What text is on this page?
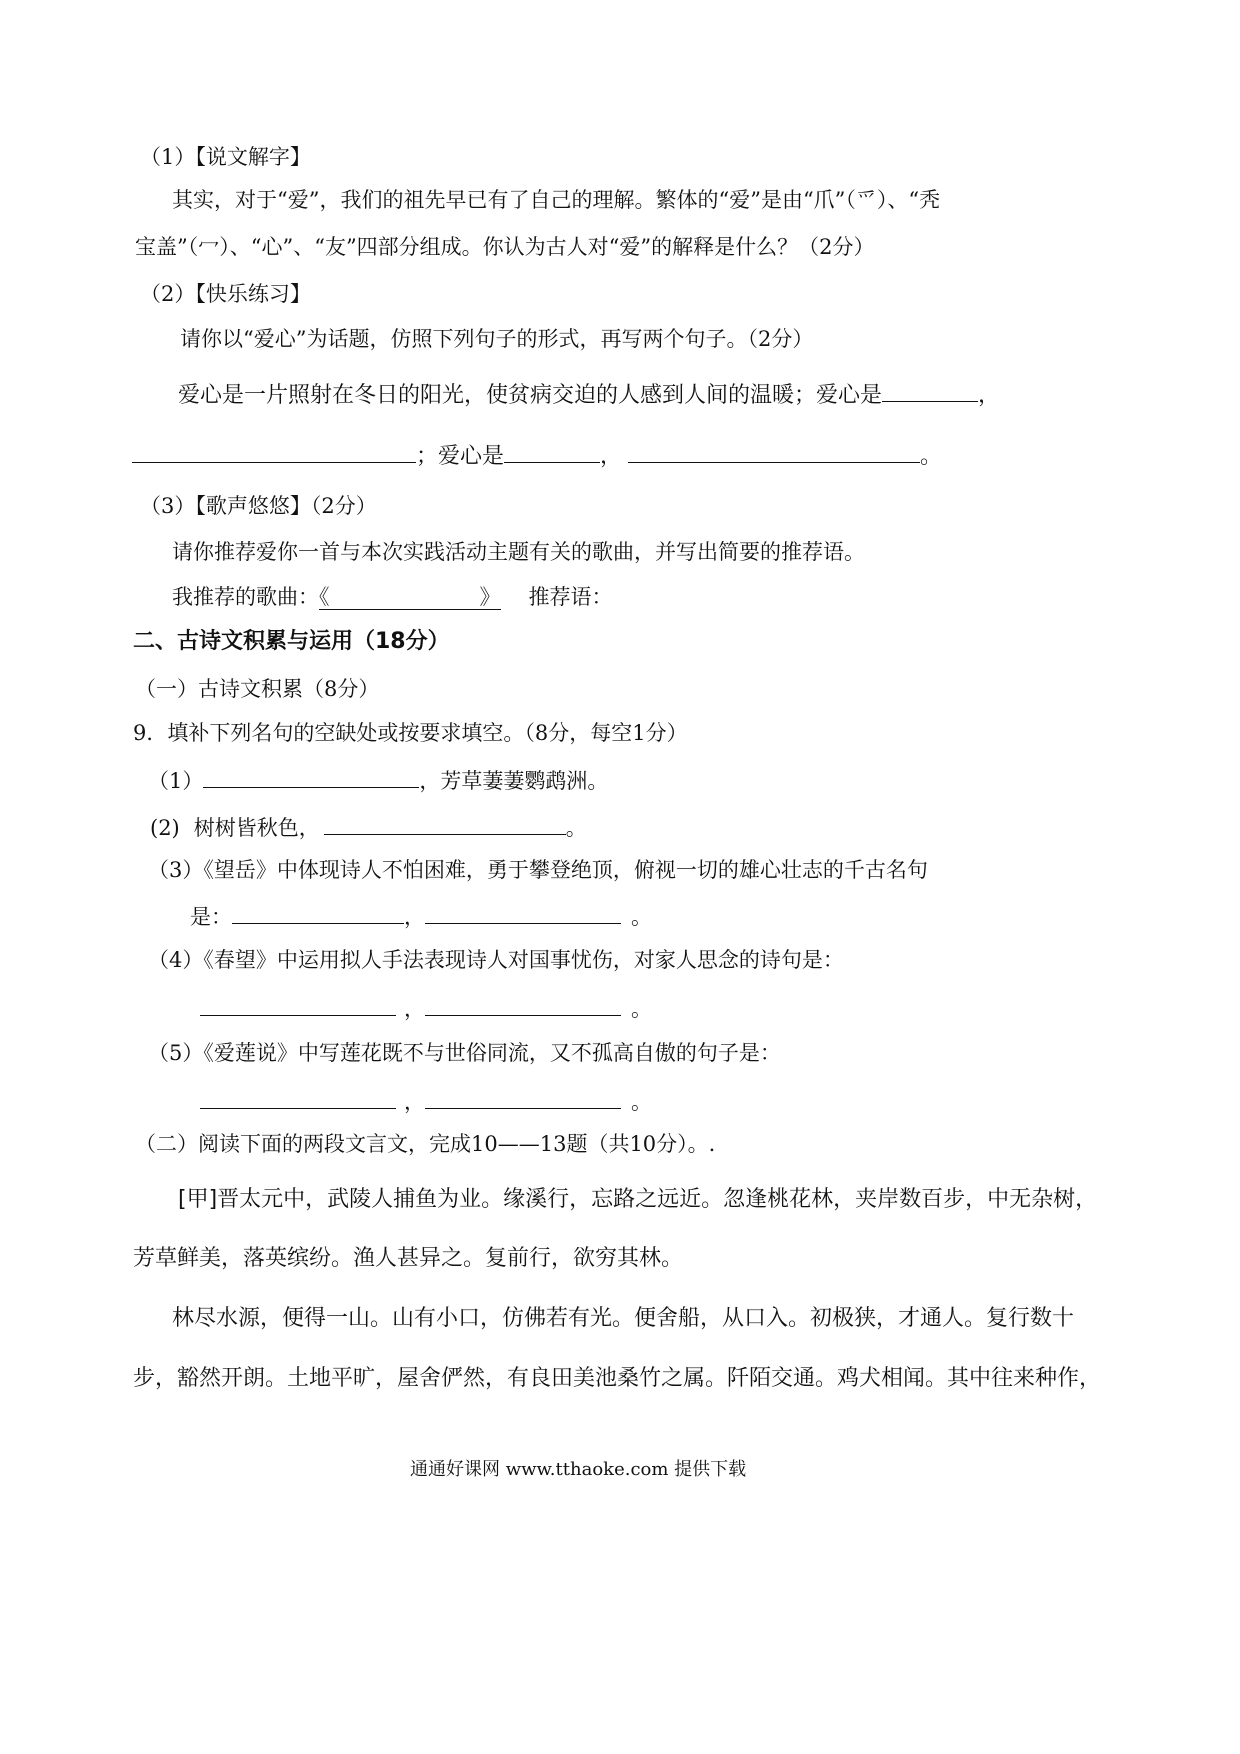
（1）【说文解字】
其实，对于“爱”，我们的祖先早已有了自己的理解。繁体的“爱”是由“爪”（爫）、“秃
宝盖”（冖）、“心”、“友”四部分组成。你认为古人对“爱”的解释是什么？（2分）
（2）【快乐练习】
请你以“爱心”为话题，仿照下列句子的形式，再写两个句子。（2分）
爱心是一片照射在冬日的阳光，使贫病交迫的人感到人间的温暖；爱心是	，
；爱心是	，	。
（3）【歌声悠悠】（2分）
请你推荐爱你一首与本次实践活动主题有关的歌曲，并写出简要的推荐语。
我推荐的歌曲：《	》 推荐语：
二、古诗文积累与运用（18分）
（一）古诗文积累（8分）
9．填补下列名句的空缺处或按要求填空。（8分，每空1分）
（1）	，芳草萋萋鹦鹉洲。
(2) 树树皆秋色，	。
（3）《望岳》中体现诗人不怕困难，勇于攀登绝顶，俯视一切的雄心壮志的千古名句
是：	，	。
（4）《春望》中运用拟人手法表现诗人对国事忧伤，对家人思念的诗句是：
，	。
（5）《爱莲说》中写莲花既不与世俗同流，又不孤高自傲的句子是：
，	。
（二）阅读下面的两段文言文，完成10——13题（共10分）。.
[甲]晋太元中，武陵人捕鱼为业。缘溪行，忘路之远近。忽逢桃花林，夹岸数百步，中无杂树，
芳草鲜美，落英缤纷。渔人甚异之。复前行，欲穷其林。
林尽水源，便得一山。山有小口，仿佛若有光。便舍船，从口入。初极狭，才通人。复行数十
步，豁然开朗。土地平旷，屋舍俨然，有良田美池桑竹之属。阡陌交通。鸡犬相闻。其中往来种作，
通通好课网 www.tthaoke.com 提供下载
